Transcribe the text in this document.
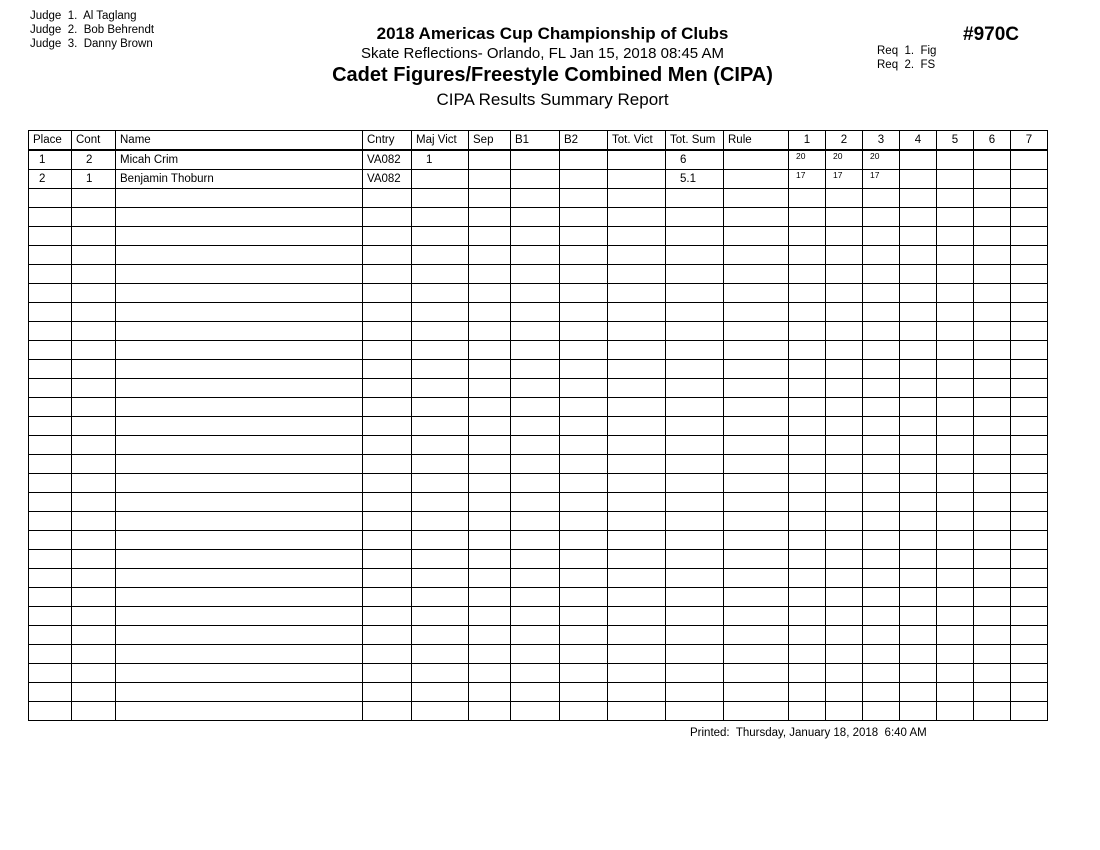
Judge  1.  Al Taglang
Judge  2.  Bob Behrendt
Judge  3.  Danny Brown
2018 Americas Cup Championship of Clubs
Skate Reflections- Orlando, FL Jan 15, 2018 08:45 AM
Cadet Figures/Freestyle Combined Men (CIPA)
CIPA Results Summary Report
#970C
Req  1.  Fig
Req  2.  FS
Place	Cont	Name	Cntry	Maj Vict	Sep	B1	B2	Tot. Vict	Tot. Sum	Rule	1	2	3	4	5	6	7
1	2	Micah Crim	VA082	1					6		20	20	20				
2	1	Benjamin Thoburn	VA082						5.1		17	17	17				

Printed:  Thursday, January 18, 2018  6:40 AM
